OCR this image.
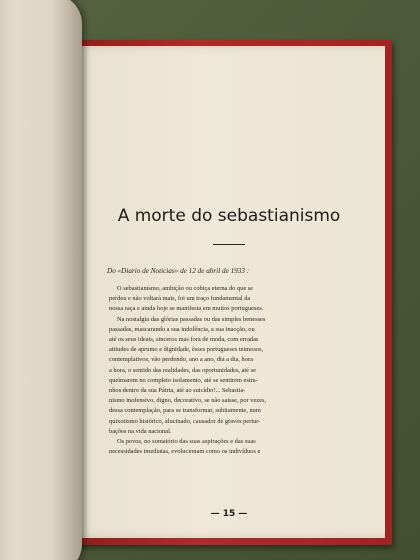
A morte do sebastianismo
Do «Diario de Noticias» de 12 de abril de 1933 :
O sebastianismo, ambição ou cobiça eterna do que se
perdeu e não voltará mais, foi um traço fundamental da
nossa raça e ainda hoje se manifesta em muitos portugueses.
Na nostalgia das glórias passadas ou das simples benesses
passadas, mascarando a sua indolência, a sua inacção, ou
até os seus ideais, sinceros mas fora de moda, com erradas
atitudes de aprumo e dignidade, êsses portugueses teimosos,
contemplativos, vão perdendo, ano a ano, dia a dia, hora
a hora, o sentido das realidades, das oportunidades, até se
queimarem no completo isolamento, até se sentirem estra-
nhos dentro da sua Pátria, até ao suicídio!... Sebastia-
nismo inofensivo, digno, decorativo, se não saisse, por vezes,
dessa contemplação, para se transformar, subitamente, num
quixotismo histórico, alucinado, causador de graves pertur-
bações na vida nacional.
Os povos, no somatório das suas aspirações e das suas
necessidades imediatas, evolucionam como os indivíduos e
— 15 —
